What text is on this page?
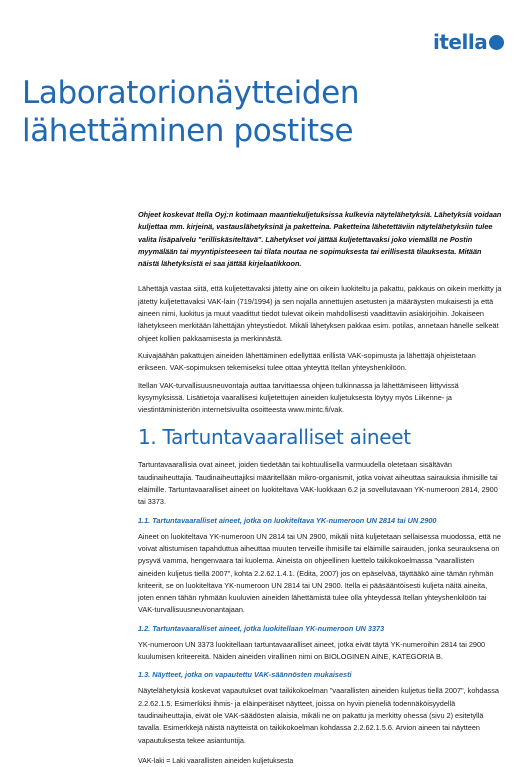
itella
Laboratorionäytteiden lähettäminen postitse

Ohjeet koskevat Itella Oyj:n kotimaan maantiekuljetuksissa kulkevia näytelähetyksiä. Lähetyksiä voidaan kuljettaa mm. kirjeinä, vastauslähetyksinä ja paketteina. Paketteina lähetettäviin näytelähetyksiin tulee valita lisäpalvelu "erilliskäsiteltävä". Lähetykset voi jättää kuljetettavaksi joko viemällä ne Postin myymälään tai myyntipisteeseen tai tilata noutaa ne sopimuksesta tai erillisestä tilauksesta. Mitään näistä lähetyksistä ei saa jättää kirjelaatikkoon.

Lähettäjä vastaa siitä, että kuljetettavaksi jätetty aine on oikein luokiteltu ja pakattu, pakkaus on oikein merkitty ja jätetty kuljetettavaksi VAK-lain (719/1994) ja sen nojalla annettujen asetusten ja määräysten mukaisesti ja että aineen nimi, luokitus ja muut vaadittut tiedot tulevat oikein mahdollisesti vaadittaviin asiakirjoihin. Jokaiseen lähetykseen merkitään lähettäjän yhteystiedot. Mikäli lähetyksen pakkaa esim. potilas, annetaan hänelle selkeät ohjeet kollien pakkaamisesta ja merkinnästä.

Kuivajäähän pakattujen aineiden lähettäminen edellyttää erillistä VAK-sopimusta ja lähettäjä ohjeistetaan erikseen. VAK-sopimuksen tekemiseksi tulee ottaa yhteyttä Itellan yhteyshenkilöön.

Itellan VAK-turvallisuusneuvontaja auttaa tarvittaessa ohjeen tulkinnassa ja lähettämiseen liittyvissä kysymyksissä. Lisätietoja vaarallisesi kuljetettujen aineiden kuljetuksesta löytyy myös Liikenne- ja viestintäministeriön internetsivuilta osoitteesta www.mintc.fi/vak.

1. Tartuntavaaralliset aineet

Tartuntavaarallisia ovat aineet, joiden tiedetään tai kohtuullisella varmuudella oletetaan sisältävän taudinaiheuttajia. Taudinaiheuttajiksi määritellään mikro-organismit, jotka voivat aiheuttaa sairauksia ihmisille tai eläimille. Tartuntavaaralliset aineet on luokiteltava VAK-luokkaan 6.2 ja sovellutavaan YK-numeroon 2814, 2900 tai 3373.

1.1. Tartuntavaaralliset aineet, jotka on luokiteltava YK-numeroon UN 2814 tai UN 2900

Aineet on luokiteltava YK-numeroon UN 2814 tai UN 2900, mikäli niitä kuljetetaan sellaisessa muodossa, että ne voivat altistumisen tapahduttua aiheuttaa muuten terveille ihmisille tai eläimille sairauden, jonka seurauksena on pysyvä vamma, hengenvaara tai kuolema. Aineista on ohjeellinen luettelo taikikokoelmassa "vaarallisten aineiden kuljetus tiellä 2007", kohta 2.2.62.1.4.1. (Edita, 2007) jos on epäselvää, täyttääkö aine tämän ryhmän kriteerit, se on luokiteltava YK-numeroon UN 2814 tai UN 2900. Itella ei pääsääntöisesti kuljeta näitä aineita, joten ennen tähän ryhmään kuuluvien aineiden lähettämistä tulee olla yhteydessä Itellan yhteyshenkilöön tai VAK-turvallisuusneuvonantajaan.

1.2. Tartuntavaaralliset aineet, jotka luokitellaan YK-numeroon UN 3373

YK-numeroon UN 3373 luokitellaan tartuntavaaralliset aineet, jotka eivät täytä YK-numeroihin 2814 tai 2900 kuulumisen kriteereitä. Näiden aineiden virallinen nimi on BIOLOGINEN AINE, KATEGORIA B.

1.3. Näytteet, jotka on vapautettu VAK-säännösten mukaisesti

Näytelähetyksiä koskevat vapautukset ovat taikikokoelman "vaarallisten aineiden kuljetus tiellä 2007", kohdassa 2.2.62.1.5. Esimerkiksi ihmis- ja eläinperäiset näytteet, joissa on hyvin pieneliä todennäköisyydellä taudinaiheuttajia, eivät ole VAK-säädösten alaisia, mikäli ne on pakattu ja merkitty ohessa (sivu 2) esitetyllä tavalla. Esimerkkejä näistä näytteistä on taikikokoelman kohdassa 2.2.62.1.5.6. Arvion aineen tai näytteen vapautuksesta tekee asiantuntija.

VAK-laki = Laki vaarallisten aineiden kuljetuksesta
